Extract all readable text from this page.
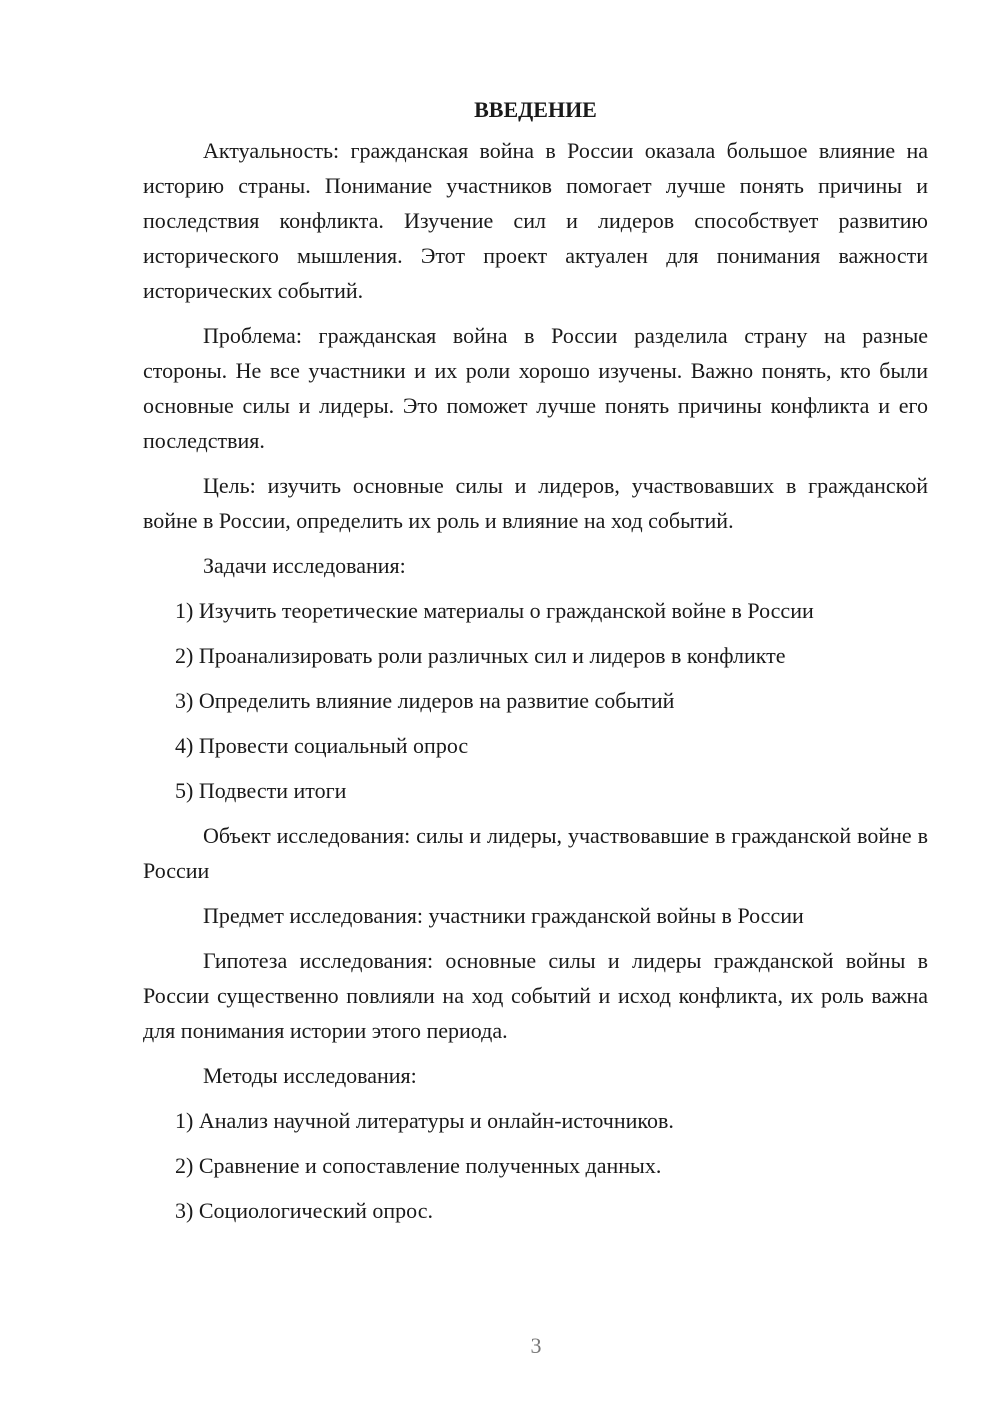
ВВЕДЕНИЕ

Актуальность: гражданская война в России оказала большое влияние на историю страны. Понимание участников помогает лучше понять причины и последствия конфликта. Изучение сил и лидеров способствует развитию исторического мышления. Этот проект актуален для понимания важности исторических событий.

Проблема: гражданская война в России разделила страну на разные стороны. Не все участники и их роли хорошо изучены. Важно понять, кто были основные силы и лидеры. Это поможет лучше понять причины конфликта и его последствия.

Цель: изучить основные силы и лидеров, участвовавших в гражданской войне в России, определить их роль и влияние на ход событий.

Задачи исследования:

1) Изучить теоретические материалы о гражданской войне в России
2) Проанализировать роли различных сил и лидеров в конфликте
3) Определить влияние лидеров на развитие событий
4) Провести социальный опрос
5) Подвести итоги

Объект исследования: силы и лидеры, участвовавшие в гражданской войне в России

Предмет исследования: участники гражданской войны в России

Гипотеза исследования: основные силы и лидеры гражданской войны в России существенно повлияли на ход событий и исход конфликта, их роль важна для понимания истории этого периода.

Методы исследования:

1) Анализ научной литературы и онлайн-источников.
2) Сравнение и сопоставление полученных данных.
3) Социологический опрос.
3
